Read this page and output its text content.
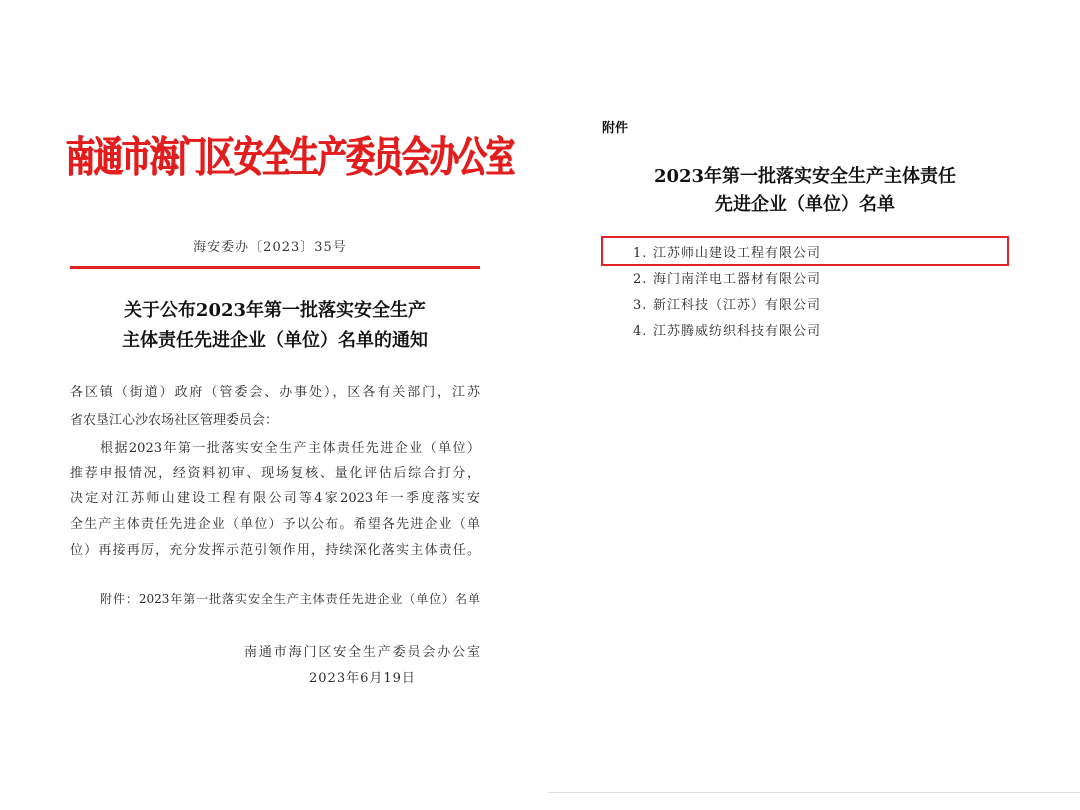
南通市海门区安全生产委员会办公室
海安委办〔2023〕35号
关于公布2023年第一批落实安全生产
主体责任先进企业（单位）名单的通知
各区镇（街道）政府（管委会、办事处），区各有关部门，江苏
省农垦江心沙农场社区管理委员会：
根据2023年第一批落实安全生产主体责任先进企业（单位）
推荐申报情况，经资料初审、现场复核、量化评估后综合打分，
决定对江苏师山建设工程有限公司等4家2023年一季度落实安
全生产主体责任先进企业（单位）予以公布。希望各先进企业（单
位）再接再厉，充分发挥示范引领作用，持续深化落实主体责任。
附件：2023年第一批落实安全生产主体责任先进企业（单位）名单
南通市海门区安全生产委员会办公室
2023年6月19日
附件
2023年第一批落实安全生产主体责任
先进企业（单位）名单
1. 江苏师山建设工程有限公司
2. 海门南洋电工器材有限公司
3. 新江科技（江苏）有限公司
4. 江苏腾威纺织科技有限公司
